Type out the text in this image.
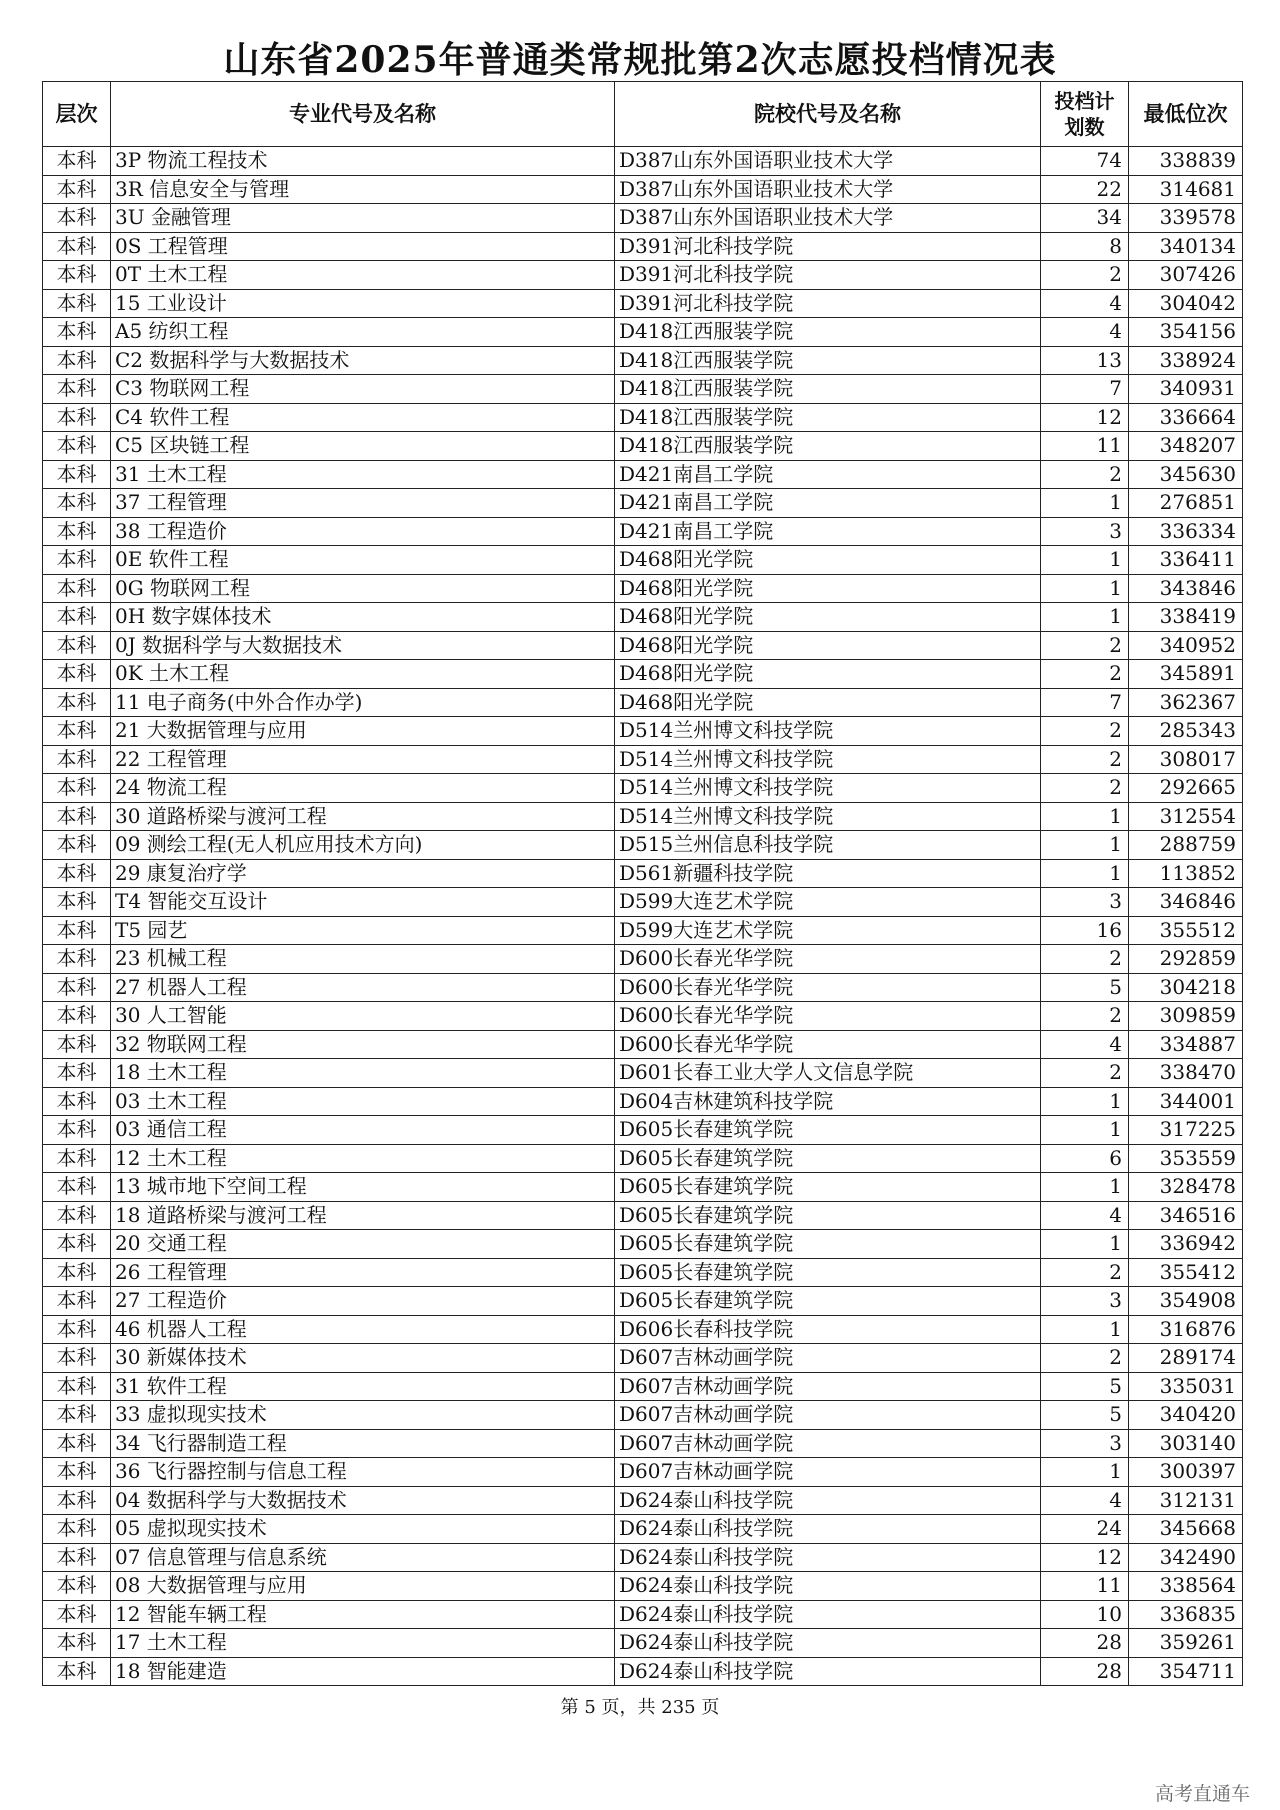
山东省2025年普通类常规批第2次志愿投档情况表
层次	专业代号及名称	院校代号及名称	投档计划数	最低位次
本科	3P 物流工程技术	D387山东外国语职业技术大学	74	338839
本科	3R 信息安全与管理	D387山东外国语职业技术大学	22	314681
本科	3U 金融管理	D387山东外国语职业技术大学	34	339578
本科	0S 工程管理	D391河北科技学院	8	340134
本科	0T 土木工程	D391河北科技学院	2	307426
本科	15 工业设计	D391河北科技学院	4	304042
本科	A5 纺织工程	D418江西服装学院	4	354156
本科	C2 数据科学与大数据技术	D418江西服装学院	13	338924
本科	C3 物联网工程	D418江西服装学院	7	340931
本科	C4 软件工程	D418江西服装学院	12	336664
本科	C5 区块链工程	D418江西服装学院	11	348207
本科	31 土木工程	D421南昌工学院	2	345630
本科	37 工程管理	D421南昌工学院	1	276851
本科	38 工程造价	D421南昌工学院	3	336334
本科	0E 软件工程	D468阳光学院	1	336411
本科	0G 物联网工程	D468阳光学院	1	343846
本科	0H 数字媒体技术	D468阳光学院	1	338419
本科	0J 数据科学与大数据技术	D468阳光学院	2	340952
本科	0K 土木工程	D468阳光学院	2	345891
本科	11 电子商务(中外合作办学)	D468阳光学院	7	362367
本科	21 大数据管理与应用	D514兰州博文科技学院	2	285343
本科	22 工程管理	D514兰州博文科技学院	2	308017
本科	24 物流工程	D514兰州博文科技学院	2	292665
本科	30 道路桥梁与渡河工程	D514兰州博文科技学院	1	312554
本科	09 测绘工程(无人机应用技术方向)	D515兰州信息科技学院	1	288759
本科	29 康复治疗学	D561新疆科技学院	1	113852
本科	T4 智能交互设计	D599大连艺术学院	3	346846
本科	T5 园艺	D599大连艺术学院	16	355512
本科	23 机械工程	D600长春光华学院	2	292859
本科	27 机器人工程	D600长春光华学院	5	304218
本科	30 人工智能	D600长春光华学院	2	309859
本科	32 物联网工程	D600长春光华学院	4	334887
本科	18 土木工程	D601长春工业大学人文信息学院	2	338470
本科	03 土木工程	D604吉林建筑科技学院	1	344001
本科	03 通信工程	D605长春建筑学院	1	317225
本科	12 土木工程	D605长春建筑学院	6	353559
本科	13 城市地下空间工程	D605长春建筑学院	1	328478
本科	18 道路桥梁与渡河工程	D605长春建筑学院	4	346516
本科	20 交通工程	D605长春建筑学院	1	336942
本科	26 工程管理	D605长春建筑学院	2	355412
本科	27 工程造价	D605长春建筑学院	3	354908
本科	46 机器人工程	D606长春科技学院	1	316876
本科	30 新媒体技术	D607吉林动画学院	2	289174
本科	31 软件工程	D607吉林动画学院	5	335031
本科	33 虚拟现实技术	D607吉林动画学院	5	340420
本科	34 飞行器制造工程	D607吉林动画学院	3	303140
本科	36 飞行器控制与信息工程	D607吉林动画学院	1	300397
本科	04 数据科学与大数据技术	D624泰山科技学院	4	312131
本科	05 虚拟现实技术	D624泰山科技学院	24	345668
本科	07 信息管理与信息系统	D624泰山科技学院	12	342490
本科	08 大数据管理与应用	D624泰山科技学院	11	338564
本科	12 智能车辆工程	D624泰山科技学院	10	336835
本科	17 土木工程	D624泰山科技学院	28	359261
本科	18 智能建造	D624泰山科技学院	28	354711
第 5 页，共 235 页
高考直通车
